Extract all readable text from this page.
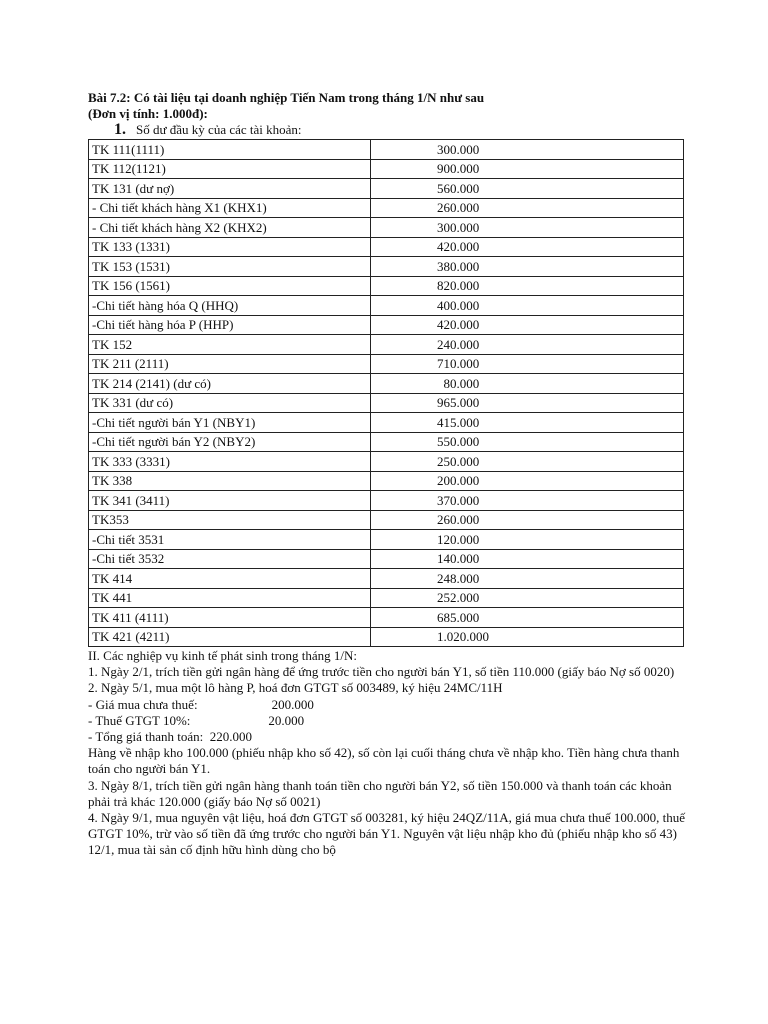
Bài 7.2: Có tài liệu tại doanh nghiệp Tiến Nam trong tháng 1/N như sau

(Đơn vị tính: 1.000đ):

1. Số dư đầu kỳ của các tài khoản:

TK 111(1111)	300.000
TK 112(1121)	900.000
TK 131 (dư nợ)	560.000
- Chi tiết khách hàng X1 (KHX1)	260.000
- Chi tiết khách hàng X2 (KHX2)	300.000
TK 133 (1331)	420.000
TK 153 (1531)	380.000
TK 156 (1561)	820.000
-Chi tiết hàng hóa Q (HHQ)	400.000
-Chi tiết hàng hóa P (HHP)	420.000
TK 152	240.000
TK 211 (2111)	710.000
TK 214 (2141) (dư có)	80.000
TK 331 (dư có)	965.000
-Chi tiết người bán Y1 (NBY1)	415.000
-Chi tiết người bán Y2 (NBY2)	550.000
TK 333 (3331)	250.000
TK 338	200.000
TK 341 (3411)	370.000
TK353	260.000
-Chi tiết 3531	120.000
-Chi tiết 3532	140.000
TK 414	248.000
TK 441	252.000
TK 411 (4111)	685.000
TK 421 (4211)	1.020.000

II. Các nghiệp vụ kinh tế phát sinh trong tháng 1/N:

1. Ngày 2/1, trích tiền gửi ngân hàng để ứng trước tiền cho người bán Y1, số tiền 110.000 (giấy báo Nợ số 0020)

2. Ngày 5/1, mua một lô hàng P, hoá đơn GTGT số 003489, ký hiệu 24MC/11H

- Giá mua chưa thuế:	200.000

- Thuế GTGT 10%:	20.000

- Tổng giá thanh toán: 220.000

Hàng về nhập kho 100.000 (phiếu nhập kho số 42), số còn lại cuối tháng chưa về nhập kho. Tiền hàng chưa thanh toán cho người bán Y1.

3. Ngày 8/1, trích tiền gửi ngân hàng thanh toán tiền cho người bán Y2, số tiền 150.000 và thanh toán các khoản phải trả khác 120.000 (giấy báo Nợ số 0021)

4. Ngày 9/1, mua nguyên vật liệu, hoá đơn GTGT số 003281, ký hiệu 24QZ/11A, giá mua chưa thuế 100.000, thuế GTGT 10%, trừ vào số tiền đã ứng trước cho người bán Y1. Nguyên vật liệu nhập kho đủ (phiếu nhập kho số 43)

12/1, mua tài sản cố định hữu hình dùng cho bộ
